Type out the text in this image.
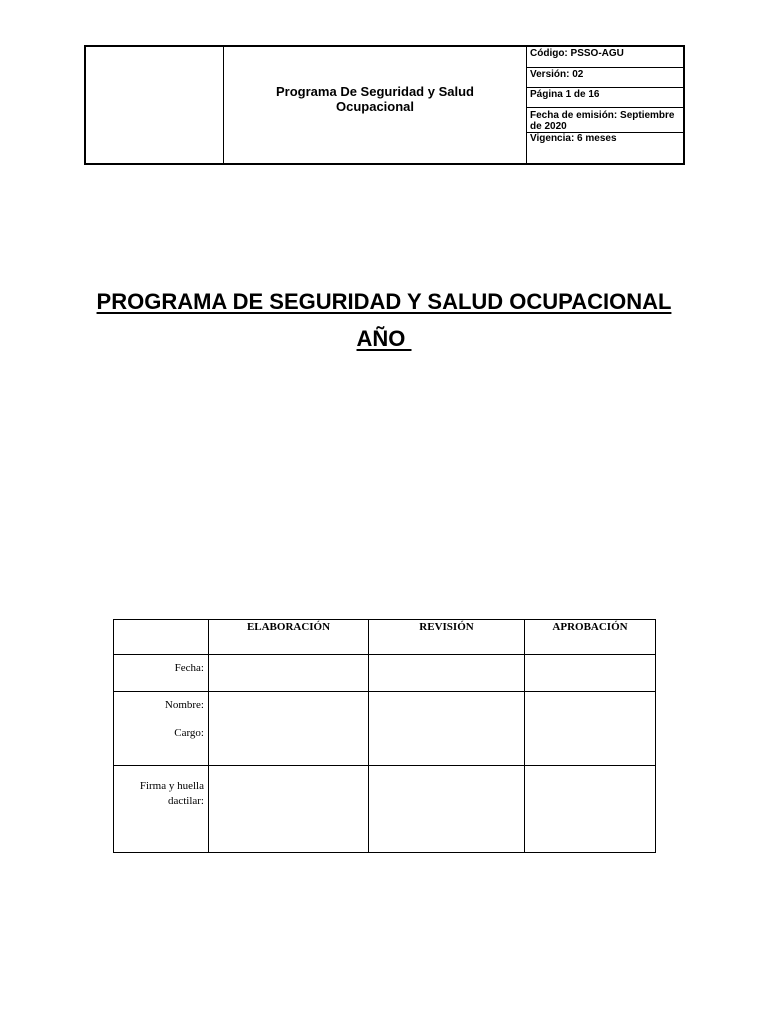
Programa De Seguridad y Salud Ocupacional
Código: PSSO-AGU
Versión: 02
Página 1 de 16
Fecha de emisión: Septiembre
de 2020
Vigencia: 6 meses
PROGRAMA DE SEGURIDAD Y SALUD OCUPACIONAL
AÑO
	ELABORACIÓN	REVISIÓN	APROBACIÓN
Fecha:			

Nombre:
Cargo:			

Firma y huella
dactilar:			
